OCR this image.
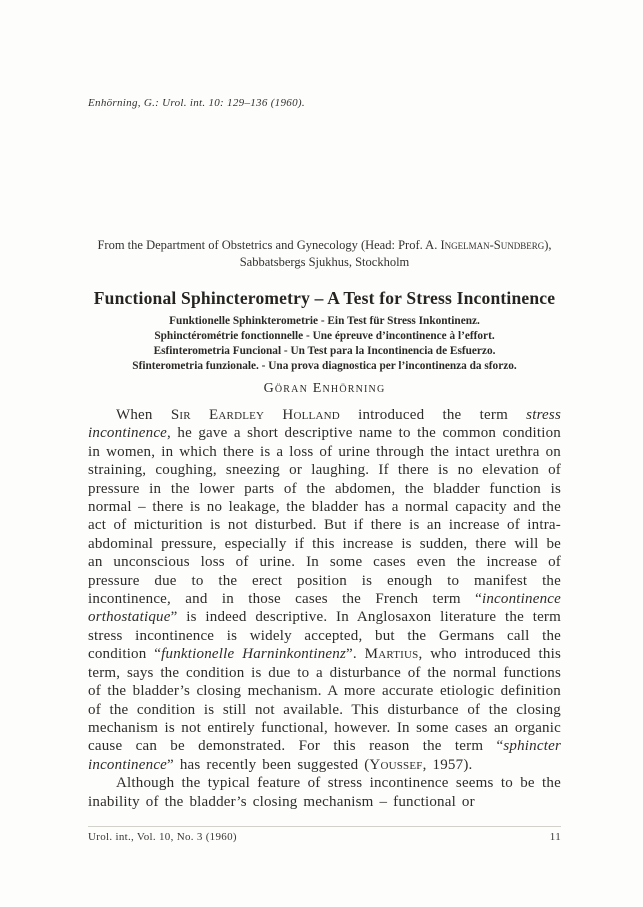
Enhörning, G.: Urol. int. 10: 129–136 (1960).
From the Department of Obstetrics and Gynecology (Head: Prof. A. Ingelman-Sundberg), Sabbatsbergs Sjukhus, Stockholm
Functional Sphincterometry – A Test for Stress Incontinence
Funktionelle Sphinkterometrie - Ein Test für Stress Inkontinenz.
Sphinctérométrie fonctionnelle - Une épreuve d’incontinence à l’effort.
Esfinterometria Funcional - Un Test para la Incontinencia de Esfuerzo.
Sfinterometria funzionale. - Una prova diagnostica per l’incontinenza da sforzo.
Göran Enhörning

When Sir Eardley Holland introduced the term stress incontinence, he gave a short descriptive name to the common condition in women, in which there is a loss of urine through the intact urethra on straining, coughing, sneezing or laughing. If there is no elevation of pressure in the lower parts of the abdomen, the bladder function is normal – there is no leakage, the bladder has a normal capacity and the act of micturition is not disturbed. But if there is an increase of intra-abdominal pressure, especially if this increase is sudden, there will be an unconscious loss of urine. In some cases even the increase of pressure due to the erect position is enough to manifest the incontinence, and in those cases the French term “incontinence orthostatique” is indeed descriptive. In Anglosaxon literature the term stress incontinence is widely accepted, but the Germans call the condition “funktionelle Harninkontinenz”. Martius, who introduced this term, says the condition is due to a disturbance of the normal functions of the bladder’s closing mechanism. A more accurate etiologic definition of the condition is still not available. This disturbance of the closing mechanism is not entirely functional, however. In some cases an organic cause can be demonstrated. For this reason the term “sphincter incontinence” has recently been suggested (Youssef, 1957).

Although the typical feature of stress incontinence seems to be the inability of the bladder’s closing mechanism – functional or

Urol. int., Vol. 10, No. 3 (1960)	11
